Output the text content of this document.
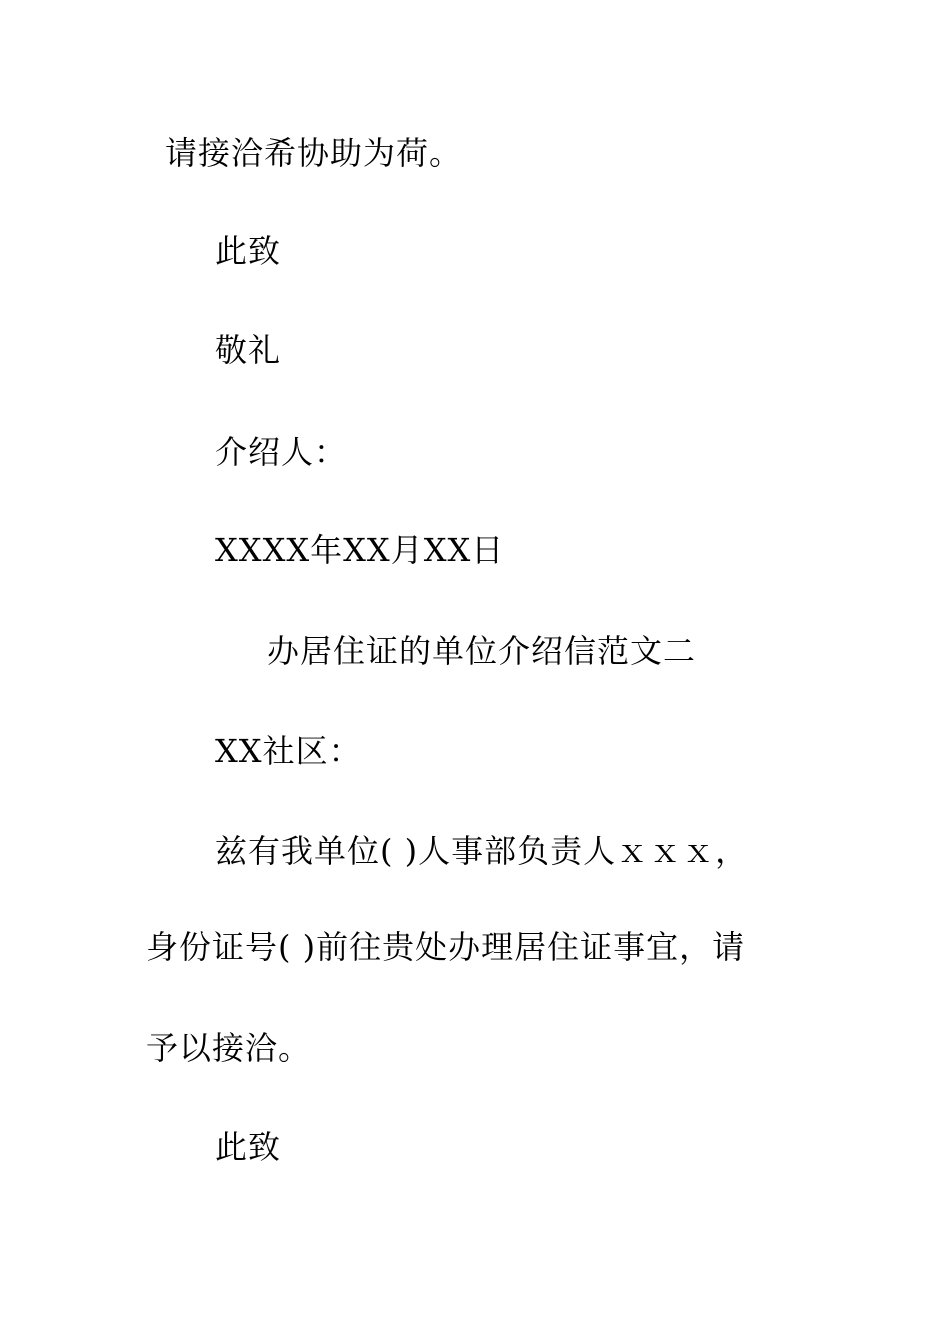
请接洽希协助为荷。
此致
敬礼
介绍人：
XXXX年XX月XX日
办居住证的单位介绍信范文二
XX社区：
兹有我单位( )人事部负责人ｘｘｘ，
身份证号( )前往贵处办理居住证事宜，请
予以接洽。
此致
